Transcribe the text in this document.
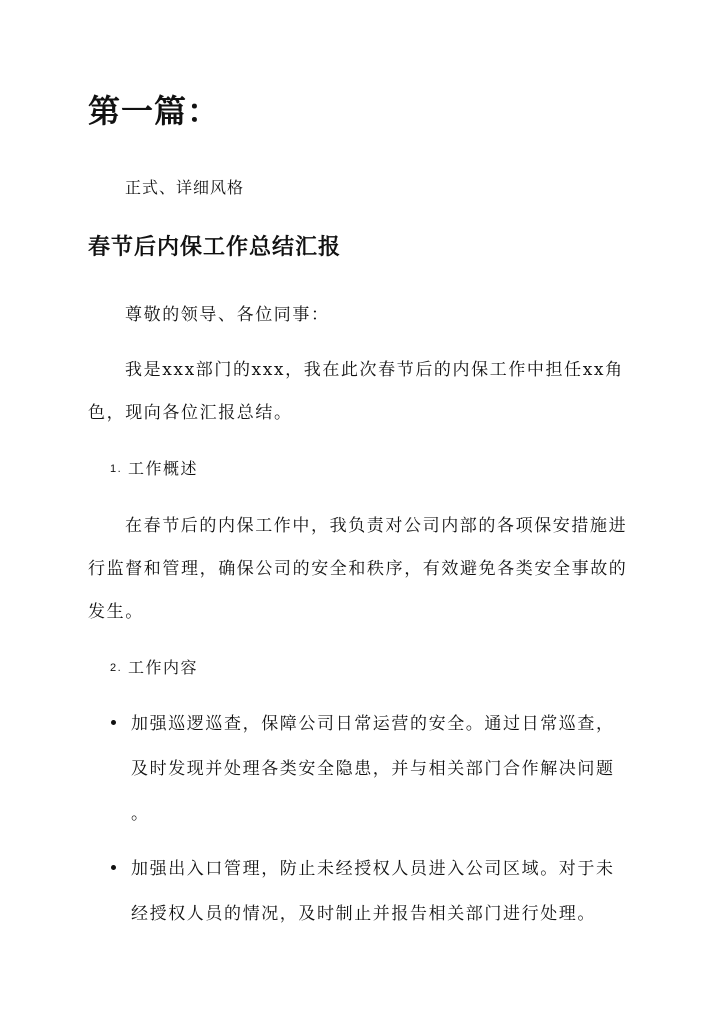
第一篇：
正式、详细风格
春节后内保工作总结汇报
尊敬的领导、各位同事：
我是xxx部门的xxx，我在此次春节后的内保工作中担任xx角
色，现向各位汇报总结。
1. 工作概述
在春节后的内保工作中，我负责对公司内部的各项保安措施进
行监督和管理，确保公司的安全和秩序，有效避免各类安全事故的
发生。
2. 工作内容
加强巡逻巡查，保障公司日常运营的安全。通过日常巡查，
及时发现并处理各类安全隐患，并与相关部门合作解决问题
。
加强出入口管理，防止未经授权人员进入公司区域。对于未
经授权人员的情况，及时制止并报告相关部门进行处理。
